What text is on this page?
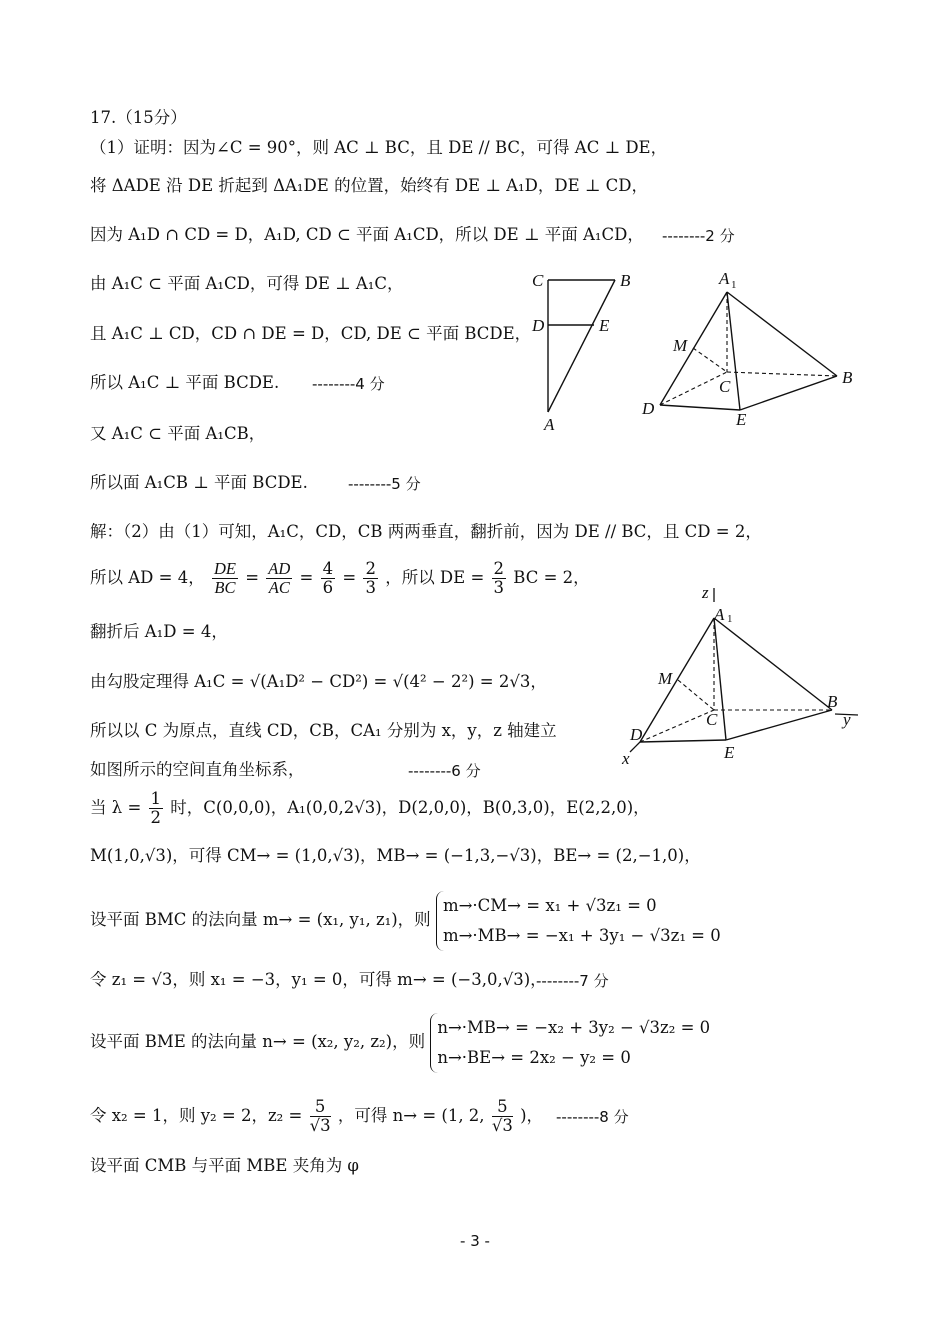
17.（15分）
（1）证明：因为∠C = 90°，则 AC ⊥ BC，且 DE // BC，可得 AC ⊥ DE，
将 ΔADE 沿 DE 折起到 ΔA₁DE 的位置，始终有 DE ⊥ A₁D，DE ⊥ CD，
因为 A₁D ∩ CD = D，A₁D, CD ⊂ 平面 A₁CD，所以 DE ⊥ 平面 A₁CD， --------2 分
由 A₁C ⊂ 平面 A₁CD，可得 DE ⊥ A₁C，
且 A₁C ⊥ CD，CD ∩ DE = D，CD, DE ⊂ 平面 BCDE，
所以 A₁C ⊥ 平面 BCDE. --------4 分
又 A₁C ⊂ 平面 A₁CB，
所以面 A₁CB ⊥ 平面 BCDE.	--------5 分
C	B
D	E
A
A 1
M
C	B
D
E
解：（2）由（1）可知，A₁C，CD，CB 两两垂直，翻折前，因为 DE // BC，且 CD = 2，
所以 AD = 4， $\frac{DE}{BC} = \frac{AD}{AC} = \frac{4}{6} = \frac{2}{3}$ ，所以 DE = $\frac{2}{3}$ BC = 2，
翻折后 A₁D = 4，
由勾股定理得 A₁C = √(A₁D² − CD²) = √(4² − 2²) = 2√3，
所以以 C 为原点，直线 CD，CB，CA₁ 分别为 x，y，z 轴建立
如图所示的空间直角坐标系，	--------6 分
当 $\lambda = \frac{1}{2}$ 时，C(0,0,0)，A₁(0,0,2√3)，D(2,0,0)，B(0,3,0)，E(2,2,0)，
M(1,0,√3)，可得 CM→ = (1,0,√3)，MB→ = (−1,3,−√3)，BE→ = (2,−1,0)，
设平面 BMC 的法向量 m→ = (x₁, y₁, z₁)，则
m→·CM→ = x₁ + √3z₁ = 0
m→·MB→ = −x₁ + 3y₁ − √3z₁ = 0
令 z₁ = √3，则 x₁ = −3，y₁ = 0，可得 m→ = (−3,0,√3)，
--------7 分
设平面 BME 的法向量 n→ = (x₂, y₂, z₂)，则
n→·MB→ = −x₂ + 3y₂ − √3z₂ = 0
n→·BE→ = 2x₂ − y₂ = 0
令 x₂ = 1，则 y₂ = 2，$z_2 = \frac{5}{√3}$ ，可得 n→ = (1, 2, $\frac{5}{√3}$ )， --------8 分
设平面 CMB 与平面 MBE 夹角为 φ
z
A 1
M
C
B
y
D
E
x
- 3 -
